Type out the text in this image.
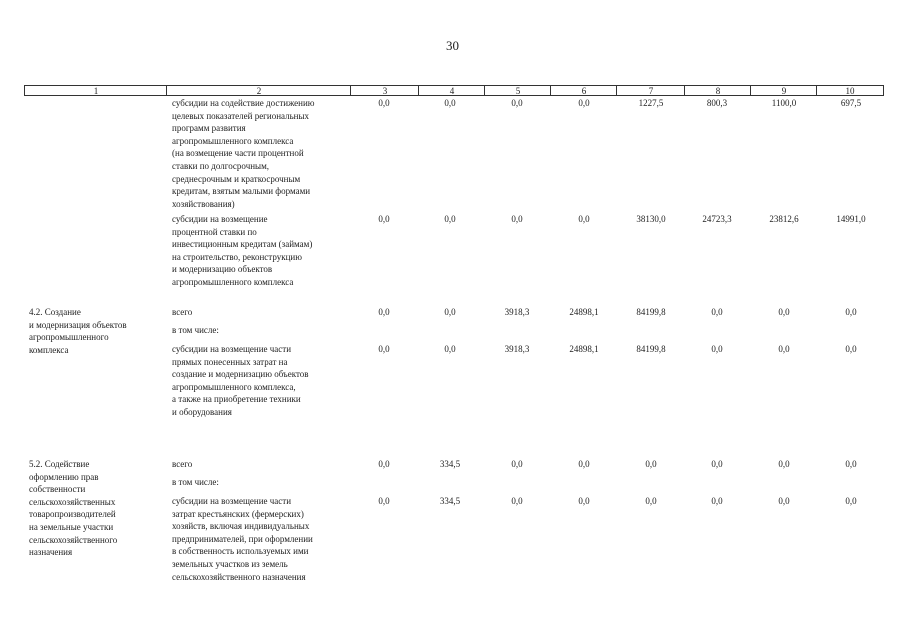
30
1	2	3	4	5	6	7	8	9	10
субсидии на содействие достижению
целевых показателей региональных
программ развития
агропромышленного комплекса
(на возмещение части процентной
ставки по долгосрочным,
среднесрочным и краткосрочным
кредитам, взятым малыми формами
хозяйствования)
0,0	0,0	0,0	0,0	1227,5	800,3	1100,0	697,5
субсидии на возмещение
процентной ставки по
инвестиционным кредитам (займам)
на строительство, реконструкцию
и модернизацию объектов
агропромышленного комплекса
0,0	0,0	0,0	0,0	38130,0	24723,3	23812,6	14991,0
4.2. Создание
и модернизация объектов
агропромышленного
комплекса
всего	0,0	0,0	3918,3	24898,1	84199,8	0,0	0,0	0,0
в том числе:
субсидии на возмещение части
прямых понесенных затрат на
создание и модернизацию объектов
агропромышленного комплекса,
а также на приобретение техники
и оборудования
0,0	0,0	3918,3	24898,1	84199,8	0,0	0,0	0,0
5.2. Содействие
оформлению прав
собственности
сельскохозяйственных
товаропроизводителей
на земельные участки
сельскохозяйственного
назначения
всего	0,0	334,5	0,0	0,0	0,0	0,0	0,0	0,0
в том числе:
субсидии на возмещение части
затрат крестьянских (фермерских)
хозяйств, включая индивидуальных
предпринимателей, при оформлении
в собственность используемых ими
земельных участков из земель
сельскохозяйственного назначения
0,0	334,5	0,0	0,0	0,0	0,0	0,0	0,0
